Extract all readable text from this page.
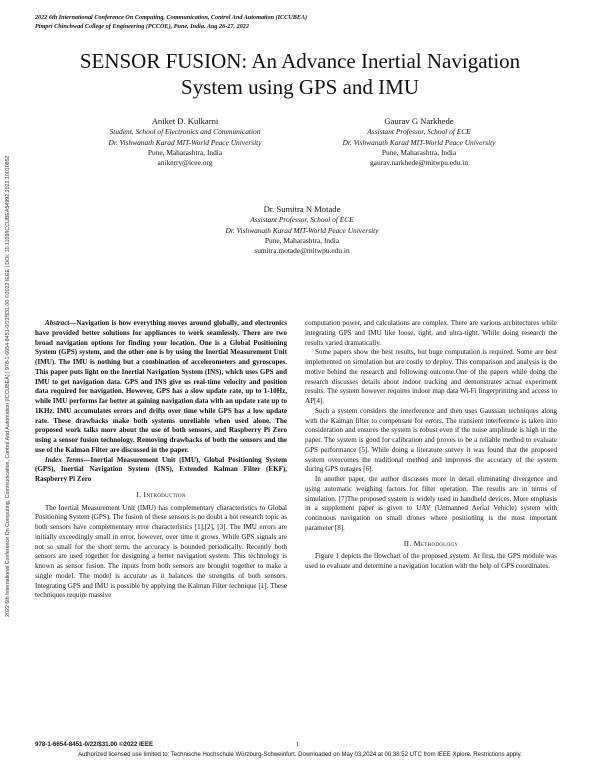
2022 6th International Conference On Computing, Communication, Control And Automation (ICCUBEA)
Pimpri Chinchwad College of Engineering (PCCOE), Pune, India. Aug 26-27, 2022
SENSOR FUSION: An Advance Inertial Navigation
System using GPS and IMU
Aniket D. Kulkarni
Student, School of Electronics and Communication
Dr. Vishwanath Karad MIT-World Peace University
Pune, Maharashtra, India
anikerry@icee.org
Gaurav G Narkhede
Assistant Professor, School of ECE
Dr. Vishwanath Karad MIT-World Peace University
Pune, Maharashtra, India
gaurav.narkhede@mitwpu.edu.in
Dr. Sumitra N Motade
Assistant Professor, School of ECE
Dr. Vishwanath Karad MIT-World Peace University
Pune, Maharashtra, India
sumitra.motade@mitwpu.edu.in

Abstract—Navigation is how everything moves around globally, and electronics have provided better solutions for appliances to work seamlessly. There are two broad navigation options for finding your location. One is a Global Positioning System (GPS) system, and the other one is by using the Inertial Measurement Unit (IMU). The IMU is nothing but a combination of accelerometers and gyroscopes. This paper puts light on the Inertial Navigation System (INS), which uses GPS and IMU to get navigation data. GPS and INS give us real-time velocity and position data required for navigation. However, GPS has a slow update rate, up to 1-10Hz, while IMU performs far better at gaining navigation data with an update rate up to 1KHz. IMU accumulates errors and drifts over time while GPS has a low update rate. These drawbacks make both systems unreliable when used alone. The proposed work talks more about the use of both sensors, and Raspberry Pi Zero using a sensor fusion technology. Removing drawbacks of both the sensors and the use of the Kalman Filter are discussed in the paper.

Index Terms—Inertial Measurement Unit (IMU), Global Positioning System (GPS), Inertial Navigation System (INS), Extended Kalman Filter (EKF), Raspberry Pi Zero

I. Introduction

The Inertial Measurement Unit (IMU) has complementary characteristics to Global Positioning System (GPS). The fusion of these sensors is no doubt a hot research topic as both sensors have complementary error characteristics [1],[2], [3]. The IMU errors are initially exceedingly small in error, however, over time it grows. While GPS signals are not so small for the short term, the accuracy is bounded periodically. Recently both sensors are used together for designing a better navigation system. This technology is known as sensor fusion. The inputs from both sensors are brought together to make a single model. The model is accurate as it balances the strengths of both sensors. Integrating GPS and IMU is possible by applying the Kalman Filter technique [1]. These techniques require massive

computation power, and calculations are complex. There are various architectures while integrating GPS and IMU like loose, tight, and ultra-tight. While doing research the results varied dramatically.

Some papers show the best results, but huge computation is required. Some are best implemented on simulation but are costly to deploy. This comparison and analysis is the motive behind the research and following outcome.One of the papers while doing the research discusses details about indoor tracking and demonstrates actual experiment results. The system however requires indoor map data Wi-Fi fingerprinting and access to AP[4].

Such a system considers the interference and then uses Gaussian techniques along with the Kalman filter to compensate for errors. The transient interference is taken into consideration and ensures the system is robust even if the noise amplitude is high in the paper. The system is good for calibration and proves to be a reliable method to evaluate GPS performance [5]. While doing a literature survey it was found that the proposed system overcomes the traditional method and improves the accuracy of the system during GPS outages [6].

In another paper, the author discusses more in detail eliminating divergence and using automatic weighing factors for filter operation. The results are in terms of simulation. [7]The proposed system is widely used in handheld devices. More emphasis in a supplement paper is given to UAV (Unmanned Aerial Vehicle) system with continuous navigation on small drones where positioning is the most important parameter [8].

II. Methodology

Figure 1 depicts the flowchart of the proposed system. At first, the GPS module was used to evaluate and determine a navigation location with the help of GPS coordinates.

2022 6th International Conference On Computing, Communication, Control And Automation (ICCUBEA) | 978-1-6654-8451-0/22/$31.00 ©2022 IEEE | DOI: 10.1109/ICCUBEA54992.2022.10010952
978-1-6654-8451-0/22/$31.00 ©2022 IEEE	1
Authorized licensed use limited to: Technische Hochschule Würzburg-Schweinfurt. Downloaded on May 03,2024 at 00:38:52 UTC from IEEE Xplore. Restrictions apply.
